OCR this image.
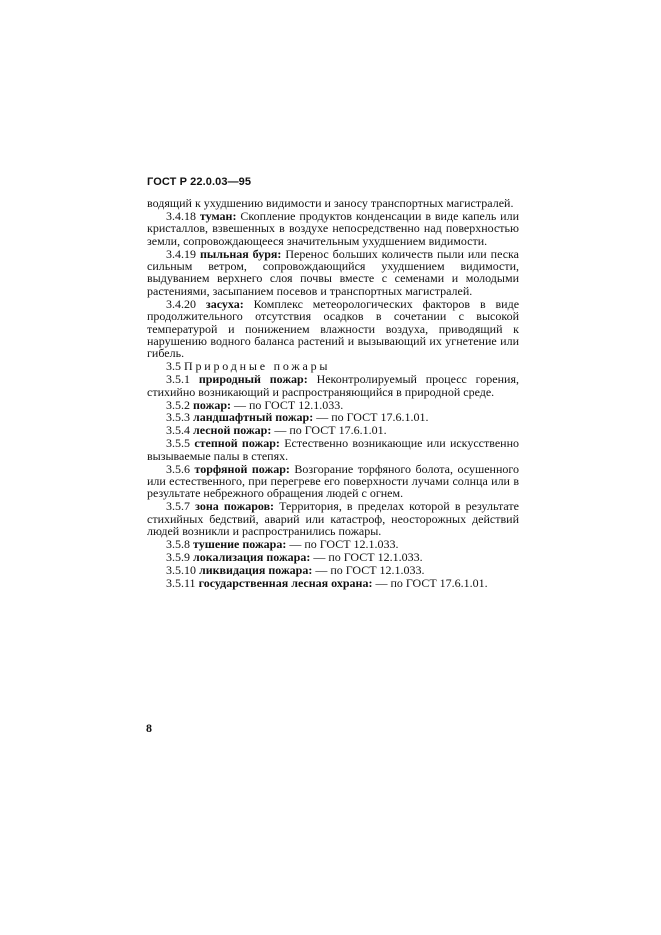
ГОСТ Р 22.0.03—95

водящий к ухудшению видимости и заносу транспортных магистралей.

3.4.18 туман: Скопление продуктов конденсации в виде капель или кристаллов, взвешенных в воздухе непосредственно над поверхностью земли, сопровождающееся значительным ухудшением видимости.

3.4.19 пыльная буря: Перенос больших количеств пыли или песка сильным ветром, сопровождающийся ухудшением видимости, выдуванием верхнего слоя почвы вместе с семенами и молодыми растениями, засыпанием посевов и транспортных магистралей.

3.4.20 засуха: Комплекс метеорологических факторов в виде продолжительного отсутствия осадков в сочетании с высокой температурой и понижением влажности воздуха, приводящий к нарушению водного баланса растений и вызывающий их угнетение или гибель.

3.5 Природные пожары

3.5.1 природный пожар: Неконтролируемый процесс горения, стихийно возникающий и распространяющийся в природной среде.

3.5.2 пожар: — по ГОСТ 12.1.033.

3.5.3 ландшафтный пожар: — по ГОСТ 17.6.1.01.

3.5.4 лесной пожар: — по ГОСТ 17.6.1.01.

3.5.5 степной пожар: Естественно возникающие или искусственно вызываемые палы в степях.

3.5.6 торфяной пожар: Возгорание торфяного болота, осушенного или естественного, при перегреве его поверхности лучами солнца или в результате небрежного обращения людей с огнем.

3.5.7 зона пожаров: Территория, в пределах которой в результате стихийных бедствий, аварий или катастроф, неосторожных действий людей возникли и распространились пожары.

3.5.8 тушение пожара: — по ГОСТ 12.1.033.

3.5.9 локализация пожара: — по ГОСТ 12.1.033.

3.5.10 ликвидация пожара: — по ГОСТ 12.1.033.

3.5.11 государственная лесная охрана: — по ГОСТ 17.6.1.01.

8
